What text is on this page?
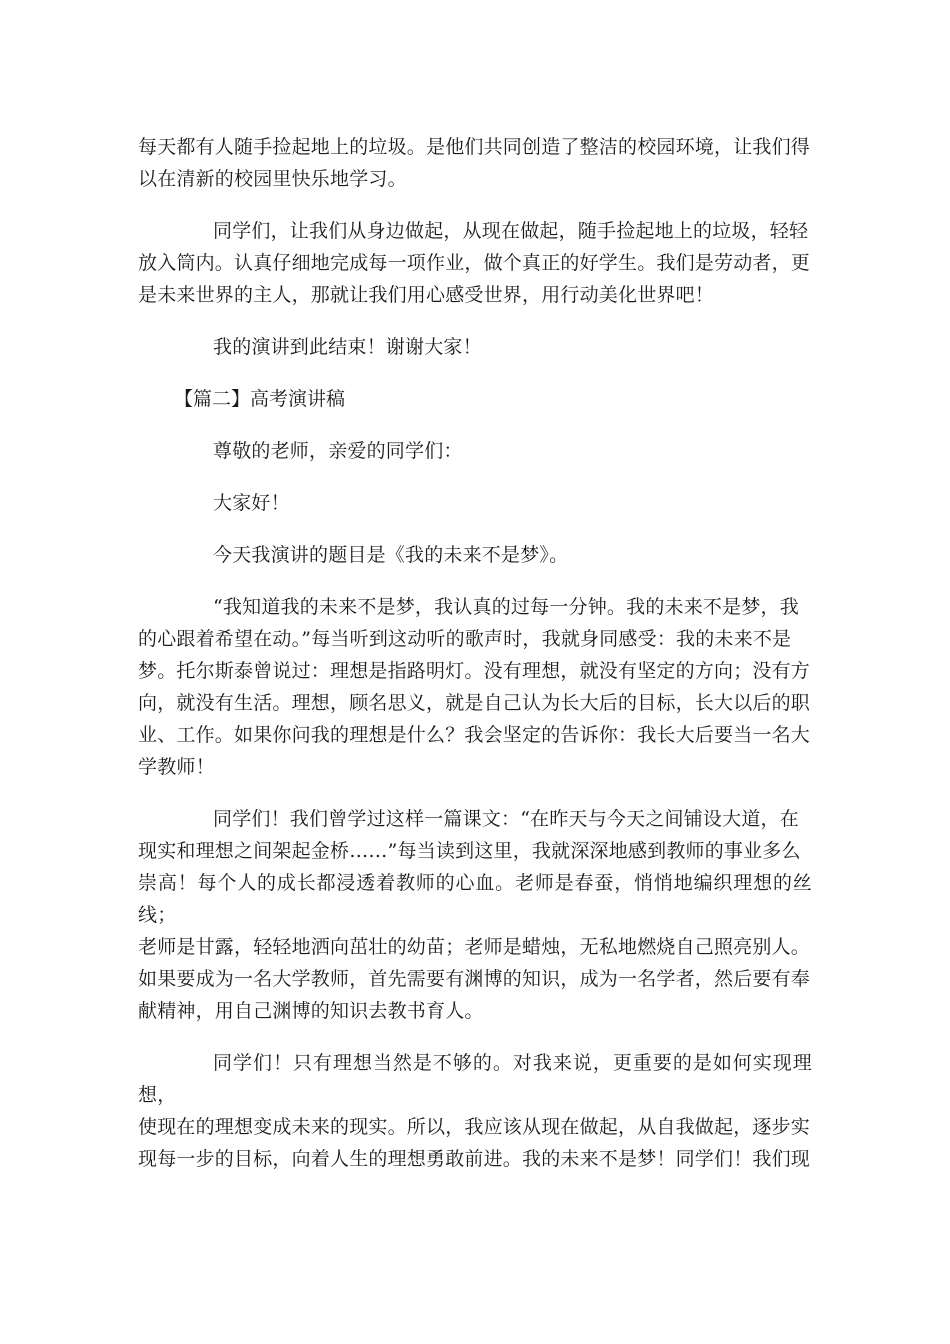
每天都有人随手捡起地上的垃圾。是他们共同创造了整洁的校园环境，让我们得
以在清新的校园里快乐地学习。
同学们，让我们从身边做起，从现在做起，随手捡起地上的垃圾，轻轻
放入筒内。认真仔细地完成每一项作业，做个真正的好学生。我们是劳动者，更
是未来世界的主人，那就让我们用心感受世界，用行动美化世界吧！
我的演讲到此结束！谢谢大家！
【篇二】高考演讲稿
尊敬的老师，亲爱的同学们：
大家好！
今天我演讲的题目是《我的未来不是梦》。
“我知道我的未来不是梦，我认真的过每一分钟。我的未来不是梦，我
的心跟着希望在动。”每当听到这动听的歌声时，我就身同感受：我的未来不是
梦。托尔斯泰曾说过：理想是指路明灯。没有理想，就没有坚定的方向；没有方
向，就没有生活。理想，顾名思义，就是自己认为长大后的目标，长大以后的职
业、工作。如果你问我的理想是什么？我会坚定的告诉你：我长大后要当一名大
学教师！
同学们！我们曾学过这样一篇课文：“在昨天与今天之间铺设大道，在
现实和理想之间架起金桥……”每当读到这里，我就深深地感到教师的事业多么
崇高！每个人的成长都浸透着教师的心血。老师是春蚕，悄悄地编织理想的丝线；
老师是甘露，轻轻地洒向茁壮的幼苗；老师是蜡烛，无私地燃烧自己照亮别人。
如果要成为一名大学教师，首先需要有渊博的知识，成为一名学者，然后要有奉
献精神，用自己渊博的知识去教书育人。
同学们！只有理想当然是不够的。对我来说，更重要的是如何实现理想，
使现在的理想变成未来的现实。所以，我应该从现在做起，从自我做起，逐步实
现每一步的目标，向着人生的理想勇敢前进。我的未来不是梦！同学们！我们现
